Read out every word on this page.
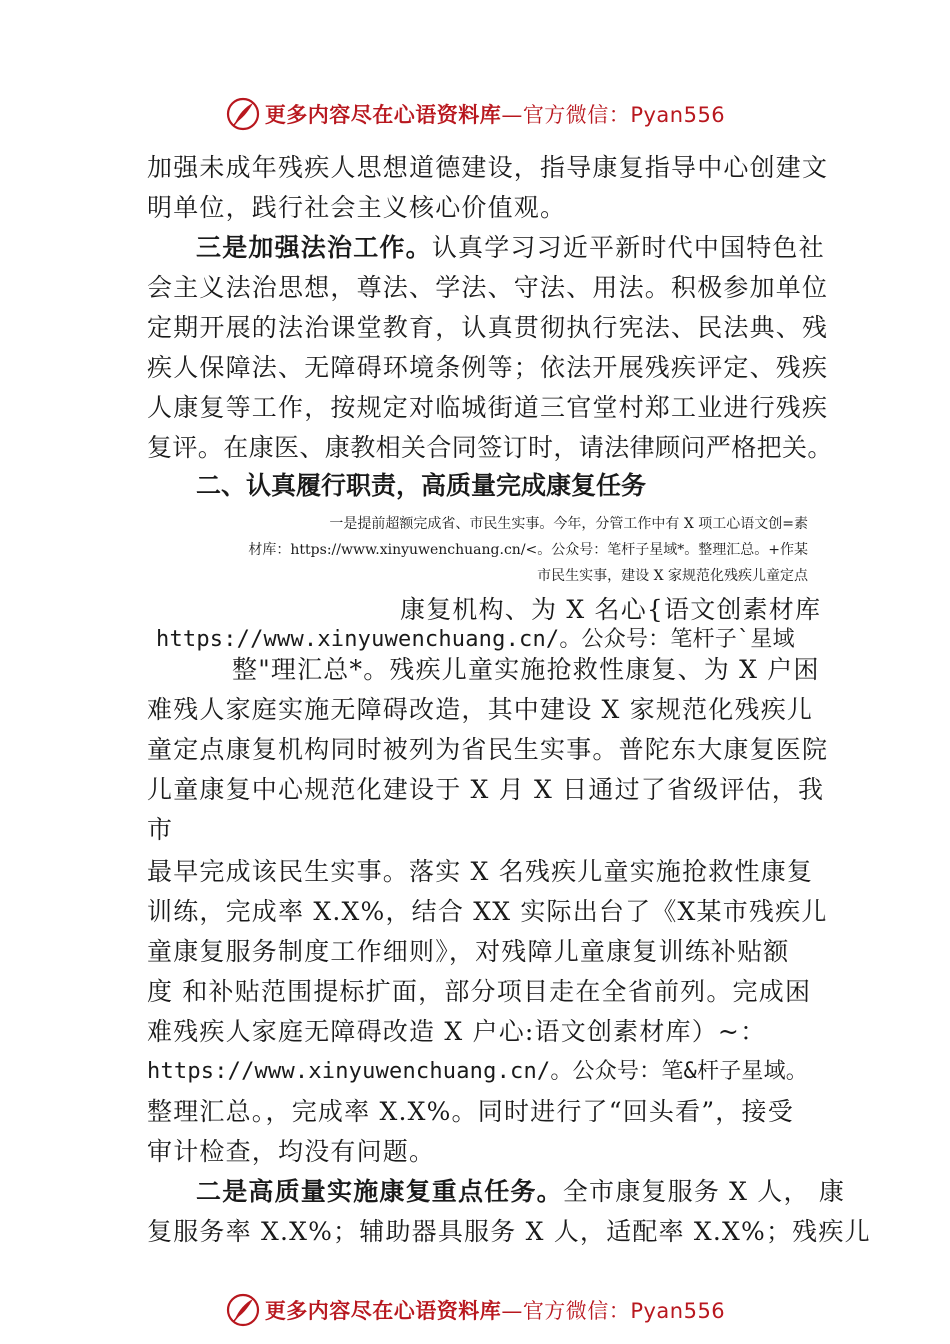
更多内容尽在心语资料库—官方微信：Pyan556
加强未成年残疾人思想道德建设，指导康复指导中心创建文
明单位，践行社会主义核心价值观。
三是加强法治工作。认真学习习近平新时代中国特色社
会主义法治思想，尊法、学法、守法、用法。积极参加单位
定期开展的法治课堂教育，认真贯彻执行宪法、民法典、残
疾人保障法、无障碍环境条例等；依法开展残疾评定、残疾
人康复等工作，按规定对临城街道三官堂村郑工业进行残疾
复评。在康医、康教相关合同签订时，请法律顾问严格把关。
二、认真履行职责，高质量完成康复任务
一是提前超额完成省、市民生实事。今年，分管工作中有 X 项工心语文创=素
材库：https://www.xinyuwenchuang.cn/<。公众号：笔杆子星域*。整理汇总。+作某
市民生实事，建设 X 家规范化残疾儿童定点
康复机构、为 X 名心{语文创素材库
https://www.xinyuwenchuang.cn/。公众号：笔杆子`星域
整"理汇总*。残疾儿童实施抢救性康复、为 X 户困
难残人家庭实施无障碍改造，其中建设 X 家规范化残疾儿
童定点康复机构同时被列为省民生实事。普陀东大康复医院
儿童康复中心规范化建设于 X 月 X 日通过了省级评估，我
市
最早完成该民生实事。落实 X 名残疾儿童实施抢救性康复
训练，完成率 X.X%，结合 XX 实际出台了《X某市残疾儿
童康复服务制度工作细则》，对残障儿童康复训练补贴额
度 和补贴范围提标扩面，部分项目走在全省前列。完成困
难残疾人家庭无障碍改造 X 户心:语文创素材库）~：
https://www.xinyuwenchuang.cn/。公众号：笔&杆子星域。
整理汇总。，完成率 X.X%。同时进行了“回头看”，接受
审计检查，均没有问题。
二是高质量实施康复重点任务。全市康复服务 X 人， 康
复服务率 X.X%；辅助器具服务 X 人，适配率 X.X%；残疾儿
更多内容尽在心语资料库—官方微信：Pyan556
